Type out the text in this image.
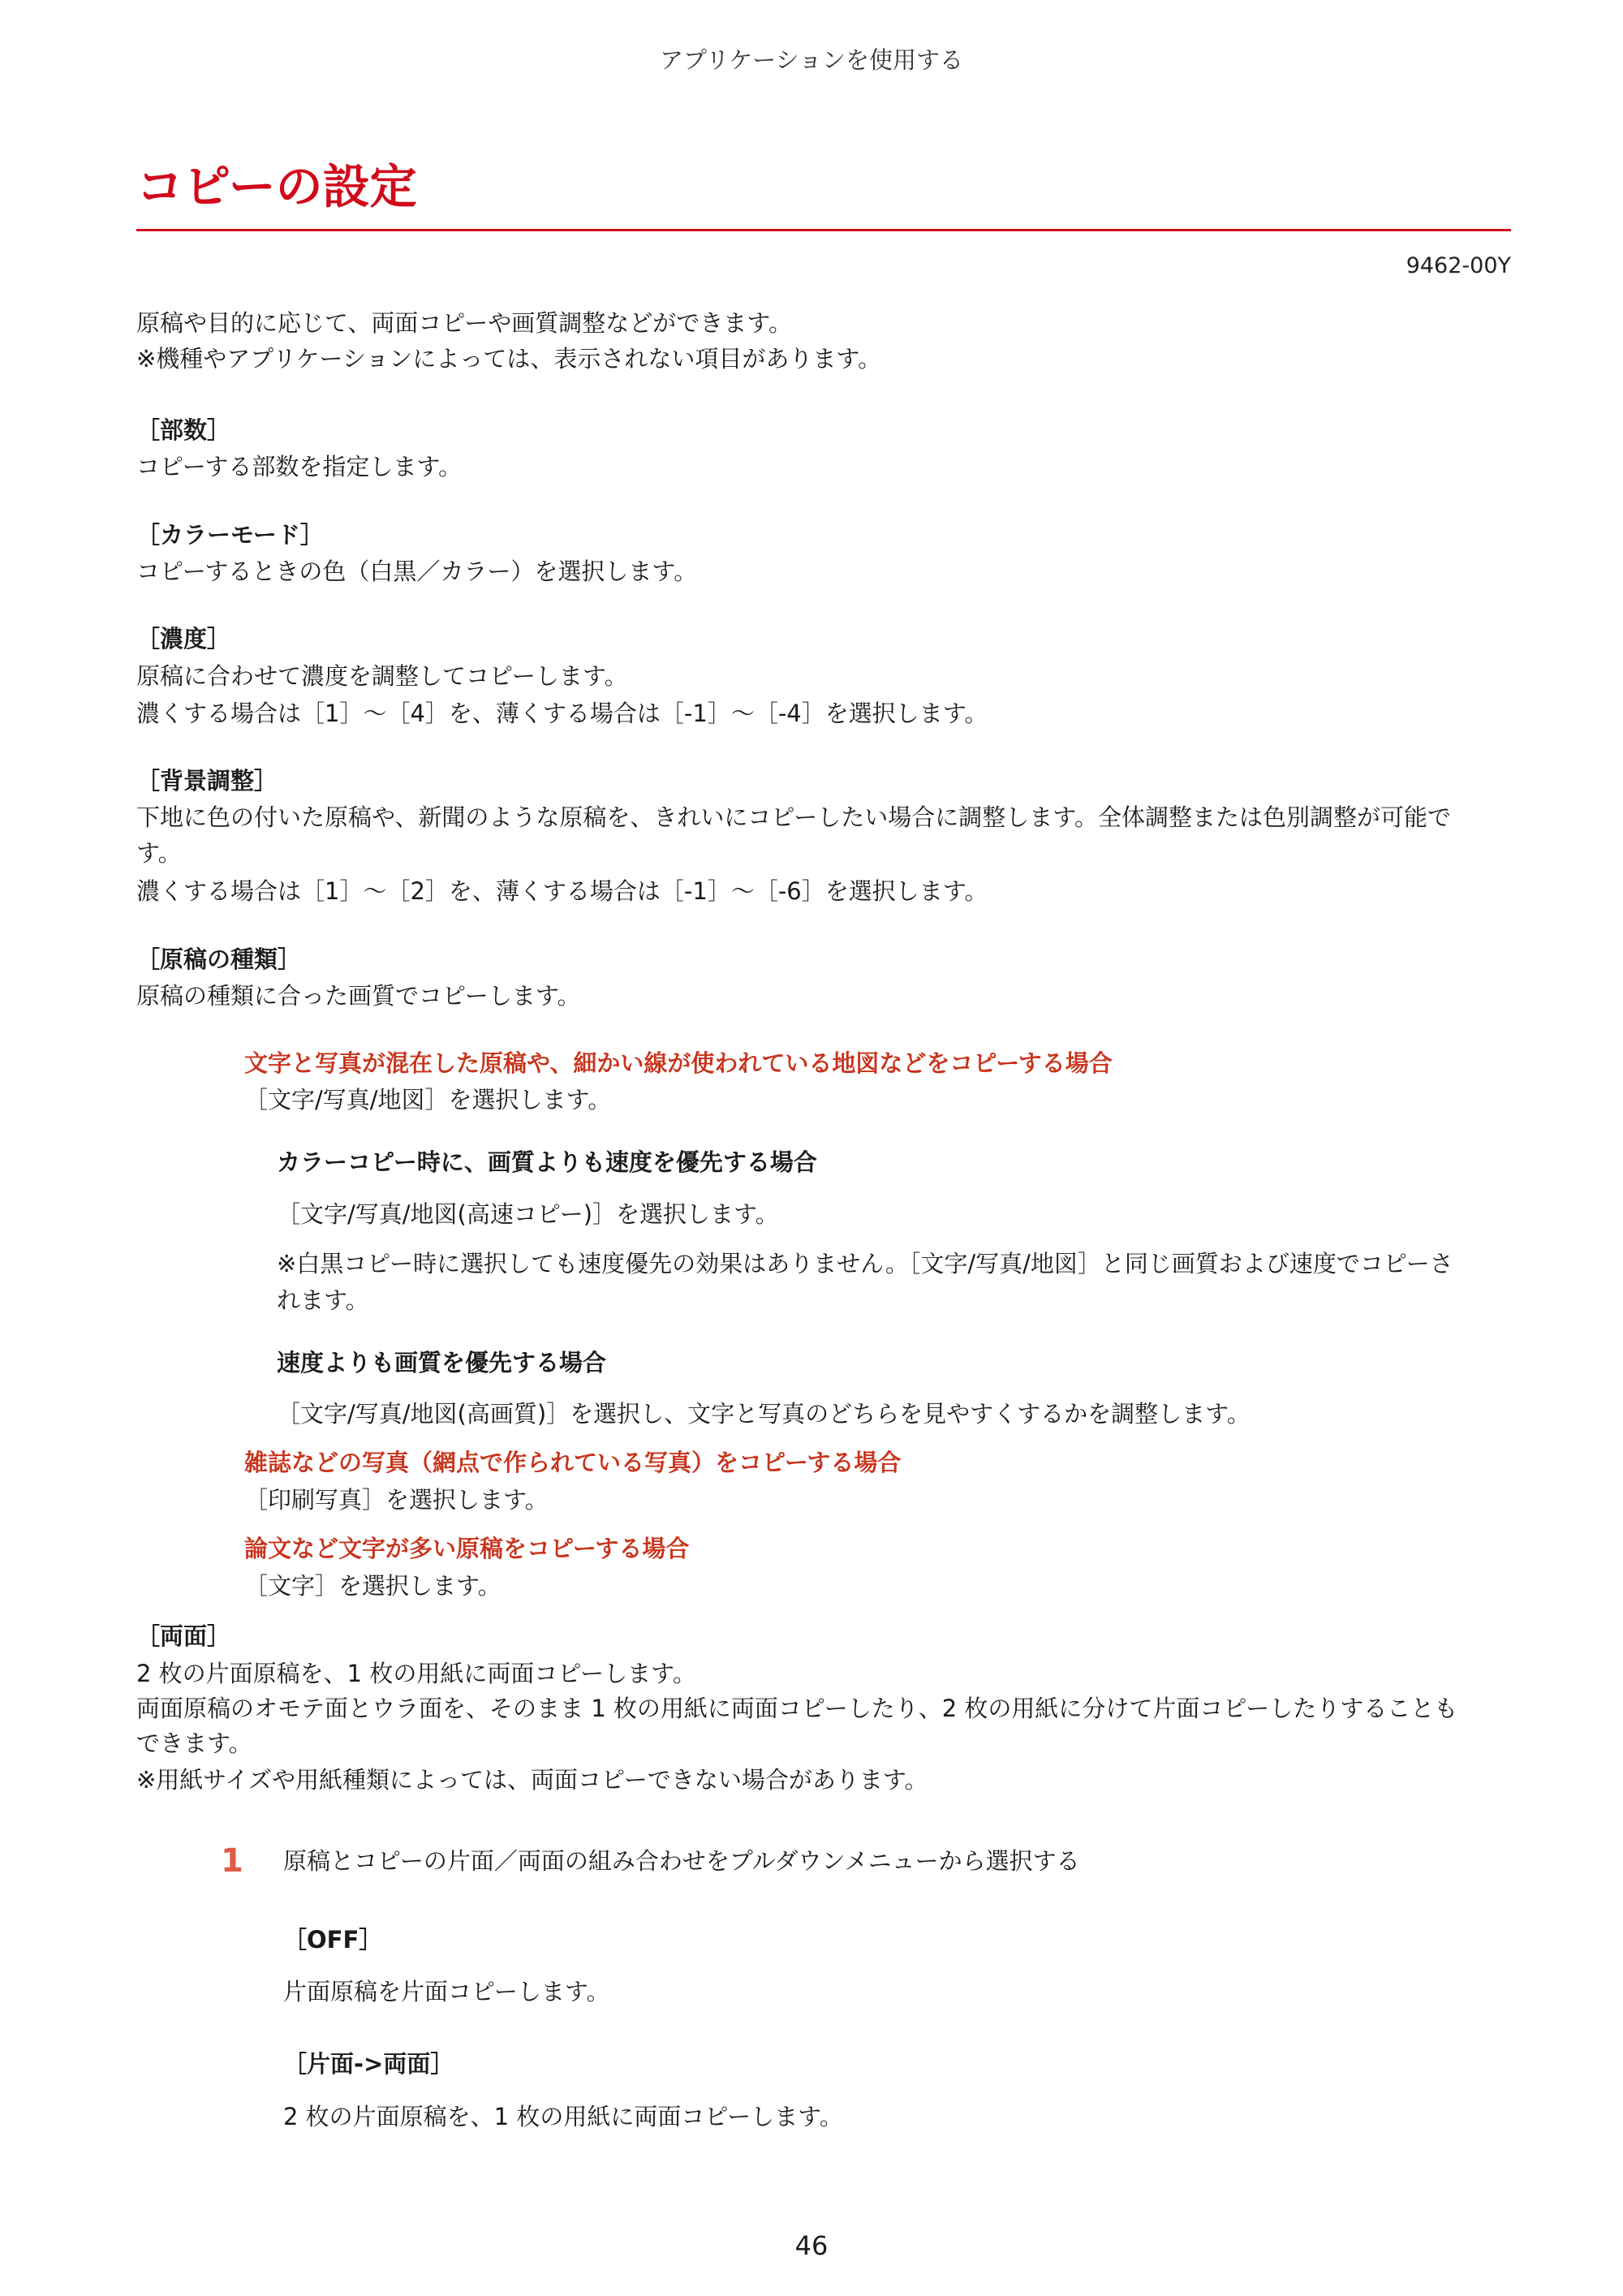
アプリケーションを使用する
コピーの設定
9462-00Y
原稿や目的に応じて、両面コピーや画質調整などができます。
※機種やアプリケーションによっては、表示されない項目があります。
［部数］
コピーする部数を指定します。
［カラーモード］
コピーするときの色（白黒／カラー）を選択します。
［濃度］
原稿に合わせて濃度を調整してコピーします。
濃くする場合は［1］～［4］を、薄くする場合は［-1］～［-4］を選択します。
［背景調整］
下地に色の付いた原稿や、新聞のような原稿を、きれいにコピーしたい場合に調整します。全体調整または色別調整が可能で
す。
濃くする場合は［1］～［2］を、薄くする場合は［-1］～［-6］を選択します。
［原稿の種類］
原稿の種類に合った画質でコピーします。
文字と写真が混在した原稿や、細かい線が使われている地図などをコピーする場合
［文字/写真/地図］を選択します。
カラーコピー時に、画質よりも速度を優先する場合
［文字/写真/地図(高速コピー)］を選択します。
※白黒コピー時に選択しても速度優先の効果はありません。［文字/写真/地図］と同じ画質および速度でコピーさ
れます。
速度よりも画質を優先する場合
［文字/写真/地図(高画質)］を選択し、文字と写真のどちらを見やすくするかを調整します。
雑誌などの写真（網点で作られている写真）をコピーする場合
［印刷写真］を選択します。
論文など文字が多い原稿をコピーする場合
［文字］を選択します。
［両面］
2 枚の片面原稿を、1 枚の用紙に両面コピーします。
両面原稿のオモテ面とウラ面を、そのまま 1 枚の用紙に両面コピーしたり、2 枚の用紙に分けて片面コピーしたりすることも
できます。
※用紙サイズや用紙種類によっては、両面コピーできない場合があります。
1 原稿とコピーの片面／両面の組み合わせをプルダウンメニューから選択する
［OFF］
片面原稿を片面コピーします。
［片面->両面］
2 枚の片面原稿を、1 枚の用紙に両面コピーします。
46
